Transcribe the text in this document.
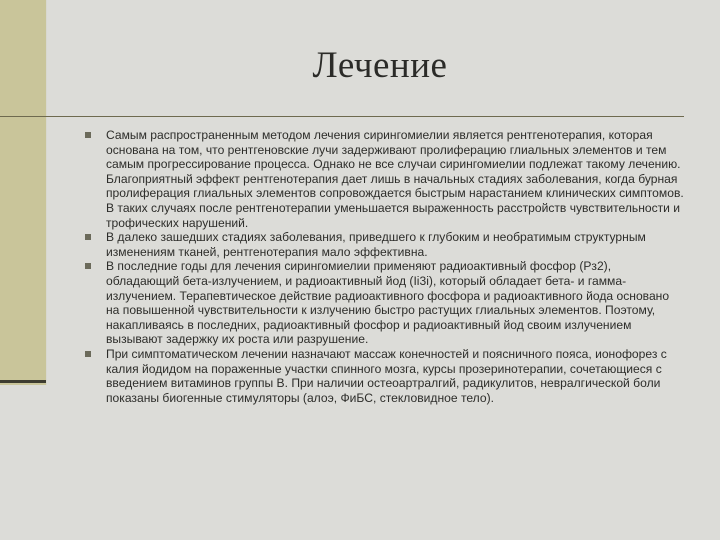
Лечение
Самым распространенным методом лечения сирингомиелии является рентгенотерапия, которая основана на том, что рентгеновские лучи задерживают пролиферацию глиальных элементов и тем самым прогрессирование процесса. Однако не все случаи сирингомиелии подлежат такому лечению. Благоприятный эффект рентгенотерапия дает лишь в начальных стадиях заболевания, когда бурная пролиферация глиальных элементов сопровождается быстрым нарастанием клинических симптомов. В таких случаях после рентгенотерапии уменьшается выраженность расстройств чувствительности и трофических нарушений.
В далеко зашедших стадиях заболевания, приведшего к глубоким и необратимым структурным изменениям тканей, рентгенотерапия мало эффективна.
В последние годы для лечения сирингомиелии применяют радиоактивный фосфор (Рз2), обладающий бета-излучением, и радиоактивный йод (Ii3i), который обладает бета- и гамма-излучением. Терапевтическое действие радиоактивного фосфора и радиоактивного йода основано на повышенной чувствительности к излучению быстро растущих глиальных элементов. Поэтому, накапливаясь в последних, радиоактивный фосфор и радиоактивный йод своим излучением вызывают задержку их роста или разрушение.
При симптоматическом лечении назначают массаж конечностей и поясничного пояса, ионофорез с калия йодидом на пораженные участки спинного мозга, курсы прозеринотерапии, сочетающиеся с введением витаминов группы В. При наличии остеоартралгий, радикулитов, невралгической боли показаны биогенные стимуляторы (алоэ, ФиБС, стекловидное тело).
